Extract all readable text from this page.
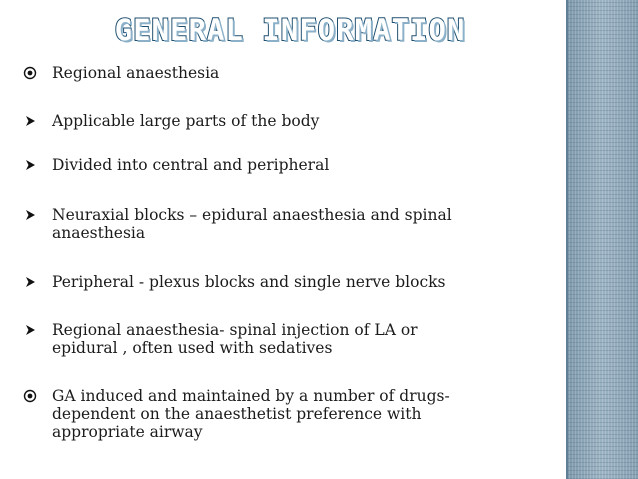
GENERAL INFORMATION
Regional anaesthesia
Applicable large parts of the body
Divided into central and peripheral
Neuraxial blocks – epidural anaesthesia and spinal
anaesthesia
Peripheral - plexus blocks and single nerve blocks
Regional anaesthesia- spinal injection of LA or
epidural , often used with sedatives
GA induced and maintained by a number of drugs-
dependent on the anaesthetist preference with
appropriate airway
